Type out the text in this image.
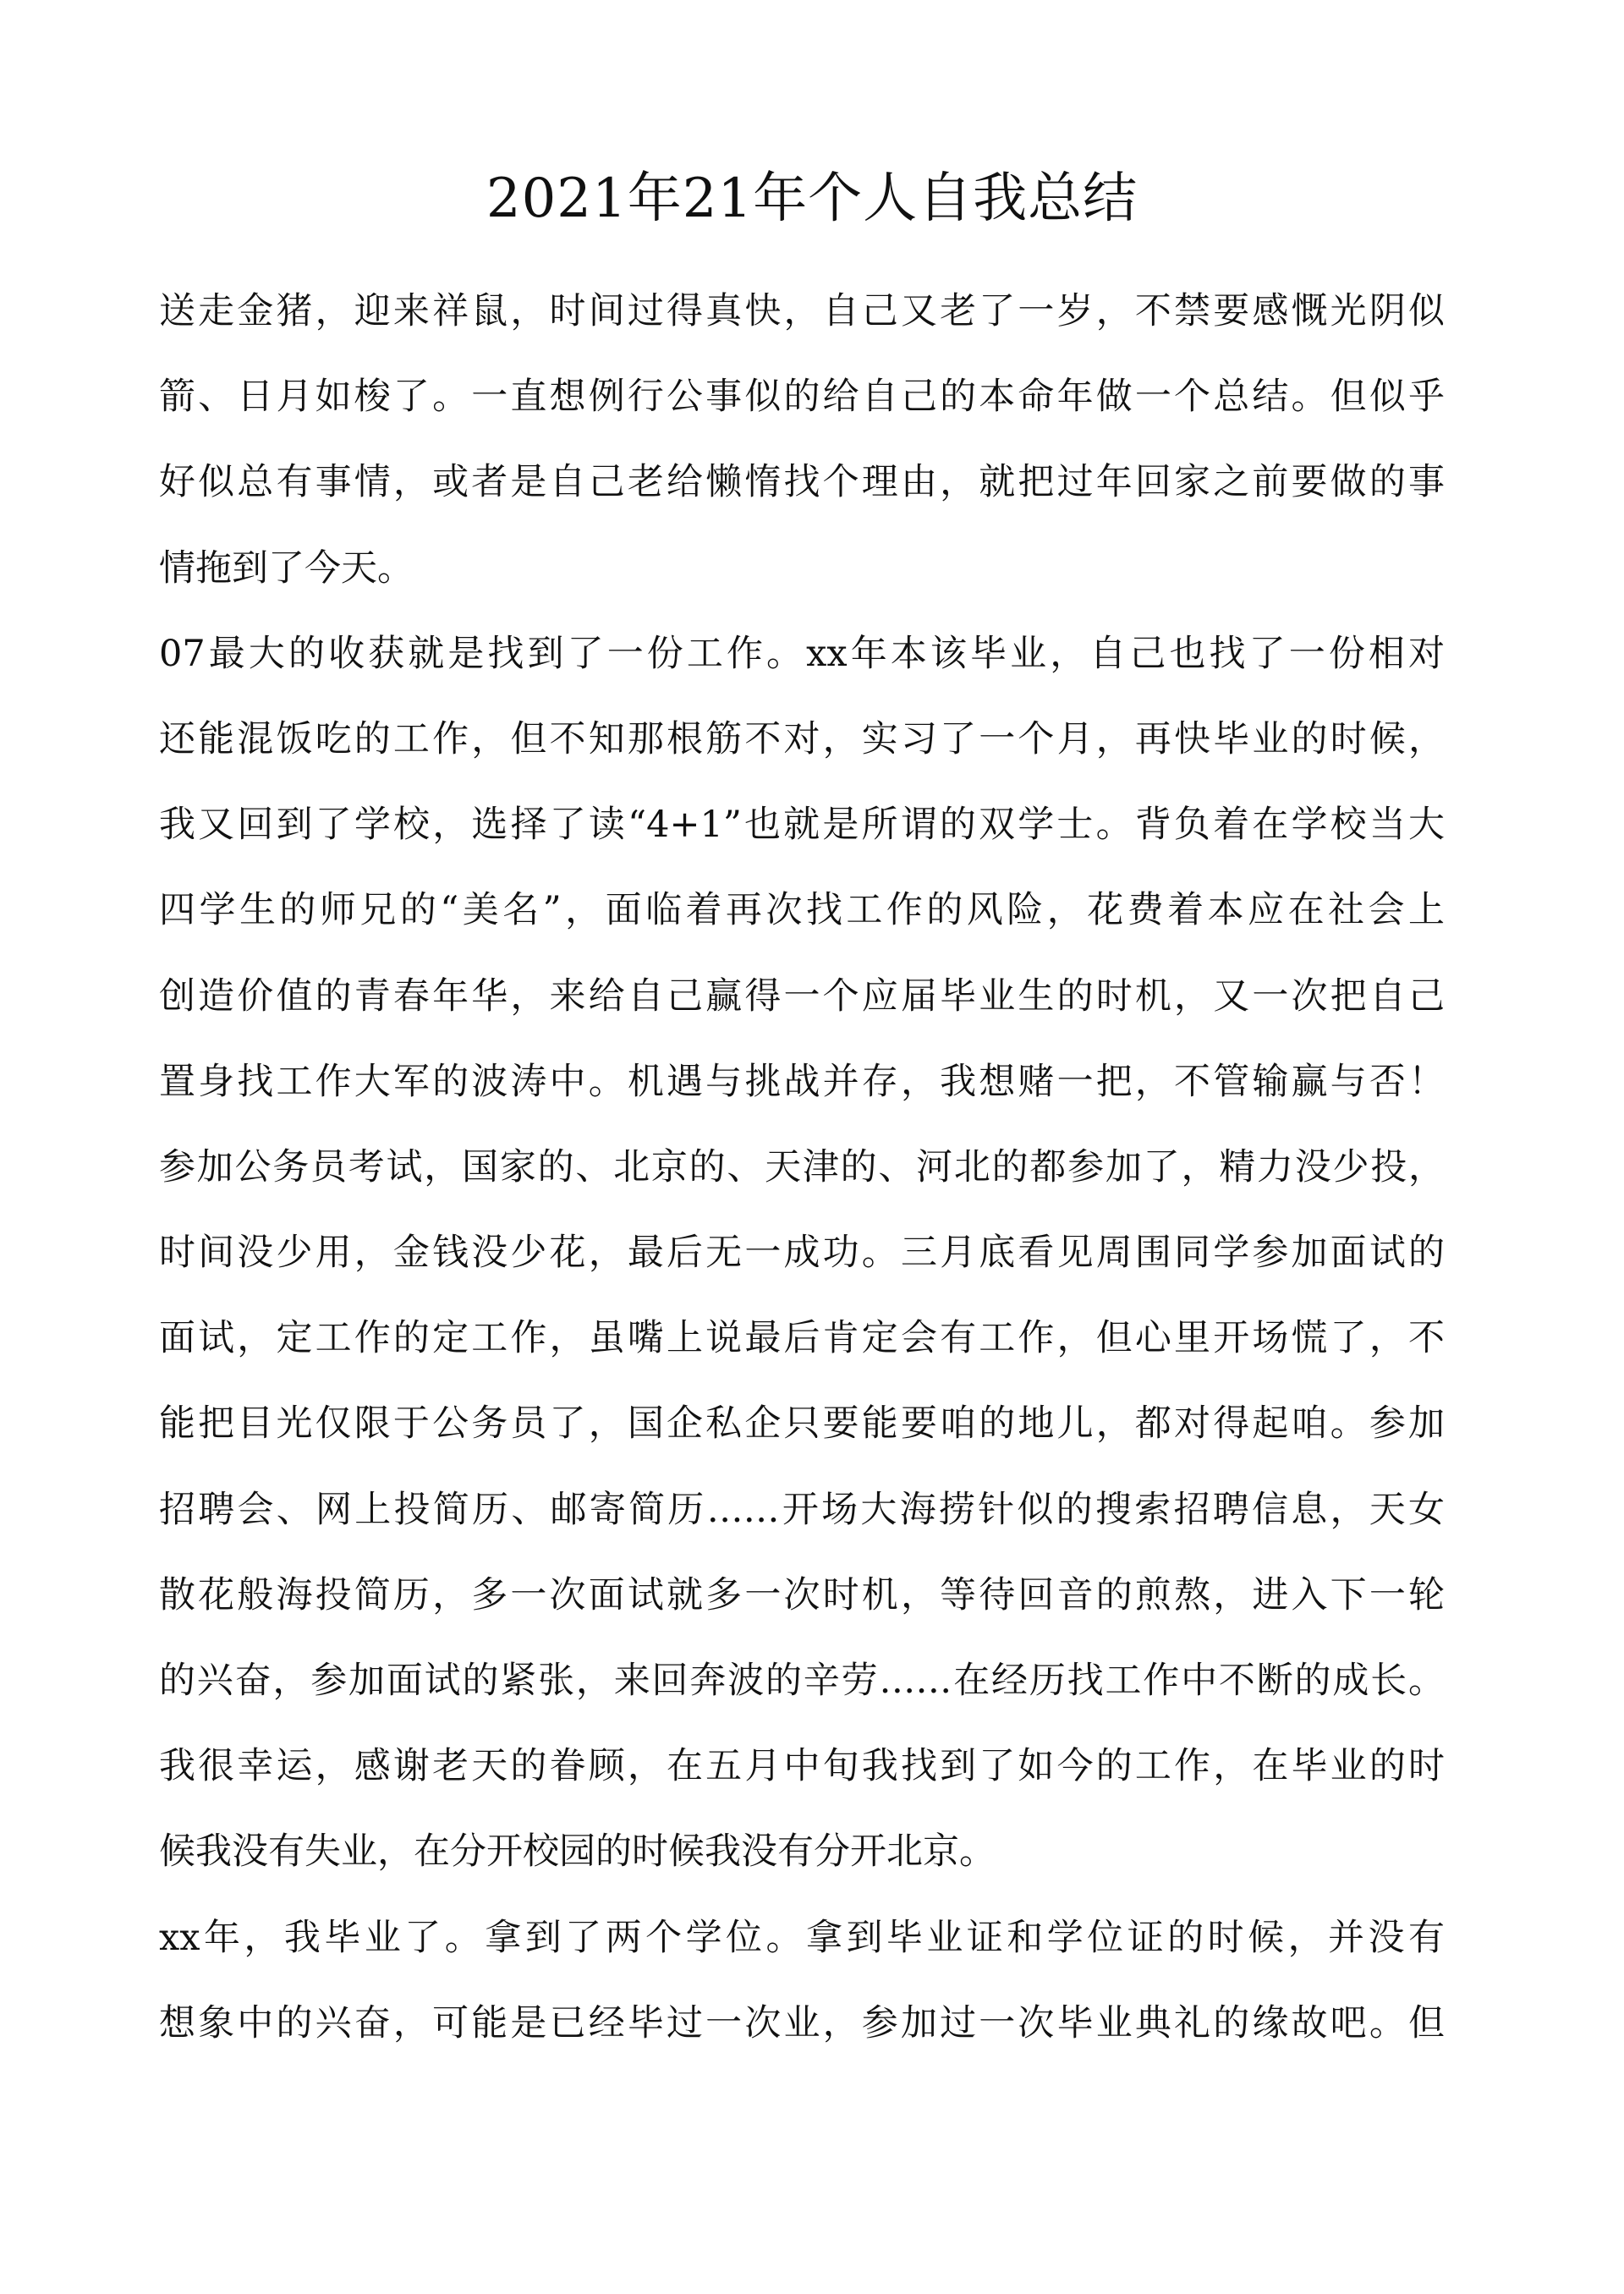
2021年21年个人自我总结
送走金猪，迎来祥鼠，时间过得真快，自己又老了一岁，不禁要感慨光阴似
箭、日月如梭了。一直想例行公事似的给自己的本命年做一个总结。但似乎
好似总有事情，或者是自己老给懒惰找个理由，就把过年回家之前要做的事
情拖到了今天。
07最大的收获就是找到了一份工作。xx年本该毕业，自己也找了一份相对
还能混饭吃的工作，但不知那根筋不对，实习了一个月，再快毕业的时候，
我又回到了学校，选择了读“4+1”也就是所谓的双学士。背负着在学校当大
四学生的师兄的“美名”，面临着再次找工作的风险，花费着本应在社会上
创造价值的青春年华，来给自己赢得一个应届毕业生的时机，又一次把自己
置身找工作大军的波涛中。机遇与挑战并存，我想赌一把，不管输赢与否！
参加公务员考试，国家的、北京的、天津的、河北的都参加了，精力没少投，
时间没少用，金钱没少花，最后无一成功。三月底看见周围同学参加面试的
面试，定工作的定工作，虽嘴上说最后肯定会有工作，但心里开场慌了，不
能把目光仅限于公务员了，国企私企只要能要咱的地儿，都对得起咱。参加
招聘会、网上投简历、邮寄简历……开场大海捞针似的搜索招聘信息，天女
散花般海投简历，多一次面试就多一次时机，等待回音的煎熬，进入下一轮
的兴奋，参加面试的紧张，来回奔波的辛劳……在经历找工作中不断的成长。
我很幸运，感谢老天的眷顾，在五月中旬我找到了如今的工作，在毕业的时
候我没有失业，在分开校园的时候我没有分开北京。
xx年，我毕业了。拿到了两个学位。拿到毕业证和学位证的时候，并没有
想象中的兴奋，可能是已经毕过一次业，参加过一次毕业典礼的缘故吧。但
